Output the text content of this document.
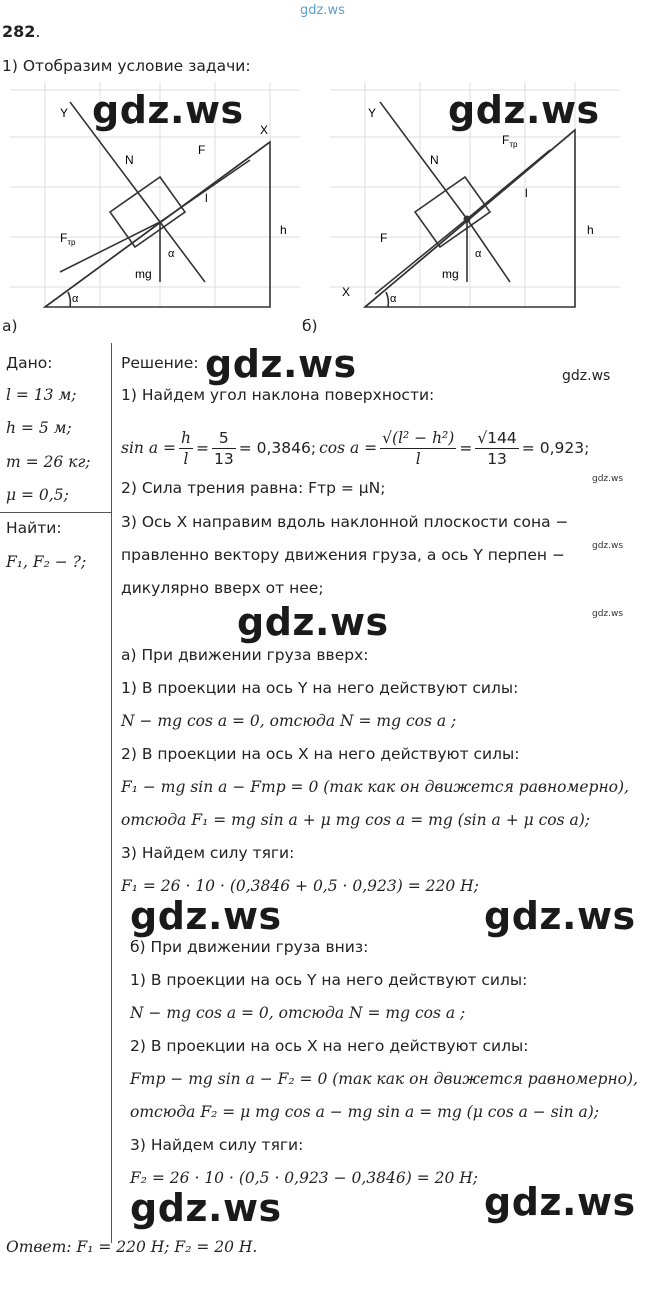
gdz.ws
282.
1) Отобразим условие задачи:
Y
X
N
F
$F_{тр}$
l
h
mg
α
α
а)
Y
X
N
$F_{тр}$
F
l
h
mg
α
α
б)
gdz.ws	gdz.ws
Дано:
l = 13 м;
h = 5 м;
m = 26 кг;
μ = 0,5;
Найти:
F₁, F₂ − ?;
Решение: gdz.ws	gdz.ws
1) Найдем угол наклона поверхности:
$\sin a = \frac{h}{l} = \frac{5}{13} = 0,3846$; $\cos a = \frac{\text{√(l² − h²)}}{l} = \frac{√144}{13} = 0,923$;
2) Сила трения равна: Fтр = μN;	gdz.ws
3) Ось X направим вдоль наклонной плоскости сона −
правленно вектору движения груза, а ось Y перпен −	gdz.ws
дикулярно вверх от нее;
gdz.ws	gdz.ws
а) При движении груза вверх:
1) В проекции на ось Y на него действуют силы:
N − mg cos a = 0, отсюда N = mg cos a ;
2) В проекции на ось X на него действуют силы:
F₁ − mg sin a − Fтр = 0 (так как он движется равномерно),
отсюда F₁ = mg sin a + μ mg cos a = mg (sin a + μ cos a);
3) Найдем силу тяги:
F₁ = 26 · 10 · (0,3846 + 0,5 · 0,923) = 220 Н;
gdz.ws	gdz.ws
б) При движении груза вниз:
1) В проекции на ось Y на него действуют силы:
N − mg cos a = 0, отсюда N = mg cos a ;
2) В проекции на ось X на него действуют силы:
Fтр − mg sin a − F₂ = 0 (так как он движется равномерно),
отсюда F₂ = μ mg cos a − mg sin a = mg (μ cos a − sin a);
3) Найдем силу тяги:
F₂ = 26 · 10 · (0,5 · 0,923 − 0,3846) = 20 Н;
gdz.ws	gdz.ws
Ответ: F₁ = 220 Н; F₂ = 20 Н.
